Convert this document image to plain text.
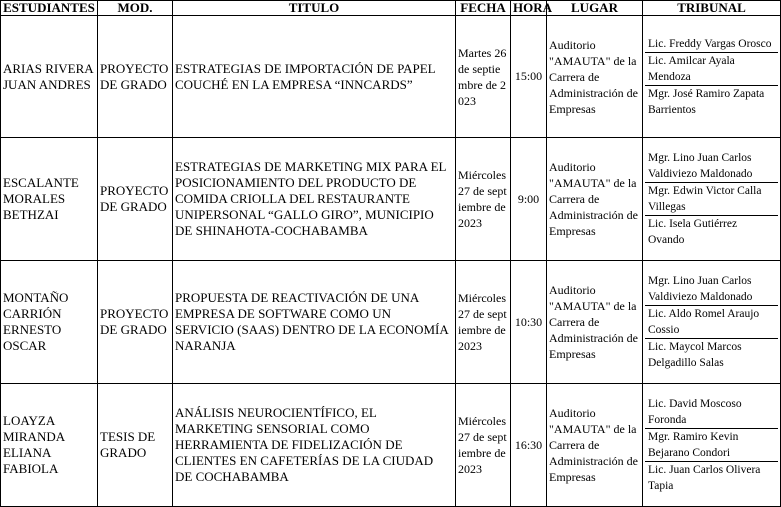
ESTUDIANTES	MOD.	TITULO	FECHA	HORA	LUGAR	TRIBUNAL
ARIAS RIVERA JUAN ANDRES	PROYECTO DE GRADO	ESTRATEGIAS DE IMPORTACIÓN DE PAPEL COUCHÉ EN LA EMPRESA “INNCARDS”	Martes 26 de septiembre de 2023	15:00	Auditorio "AMAUTA" de la Carrera de Administración de Empresas	Lic. Freddy Vargas Orosco
Lic. Amilcar Ayala Mendoza
Mgr. José Ramiro Zapata Barrientos

ESCALANTE MORALES BETHZAI	PROYECTO DE GRADO	ESTRATEGIAS DE MARKETING MIX PARA EL POSICIONAMIENTO DEL PRODUCTO DE COMIDA CRIOLLA DEL RESTAURANTE UNIPERSONAL “GALLO GIRO”, MUNICIPIO DE SHINAHOTA-COCHABAMBA	Miércoles 27 de septiembre de 2023	9:00	Auditorio "AMAUTA" de la Carrera de Administración de Empresas	Mgr. Lino Juan Carlos Valdiviezo Maldonado
Mgr. Edwin Victor Calla Villegas
Lic. Isela Gutiérrez Ovando

MONTAÑO CARRIÓN ERNESTO OSCAR	PROYECTO DE GRADO	PROPUESTA DE REACTIVACIÓN DE UNA EMPRESA DE SOFTWARE COMO UN SERVICIO (SAAS) DENTRO DE LA ECONOMÍA NARANJA	Miércoles 27 de septiembre de 2023	10:30	Auditorio "AMAUTA" de la Carrera de Administración de Empresas	Mgr. Lino Juan Carlos Valdiviezo Maldonado
Lic. Aldo Romel Araujo Cossio
Lic. Maycol Marcos Delgadillo Salas

LOAYZA MIRANDA ELIANA FABIOLA	TESIS DE GRADO	ANÁLISIS NEUROCIENTÍFICO, EL MARKETING SENSORIAL COMO HERRAMIENTA DE FIDELIZACIÓN DE CLIENTES EN CAFETERÍAS DE LA CIUDAD DE COCHABAMBA	Miércoles 27 de septiembre de 2023	16:30	Auditorio "AMAUTA" de la Carrera de Administración de Empresas	Lic. David Moscoso Foronda
Mgr. Ramiro Kevin Bejarano Condori
Lic. Juan Carlos Olivera Tapia
